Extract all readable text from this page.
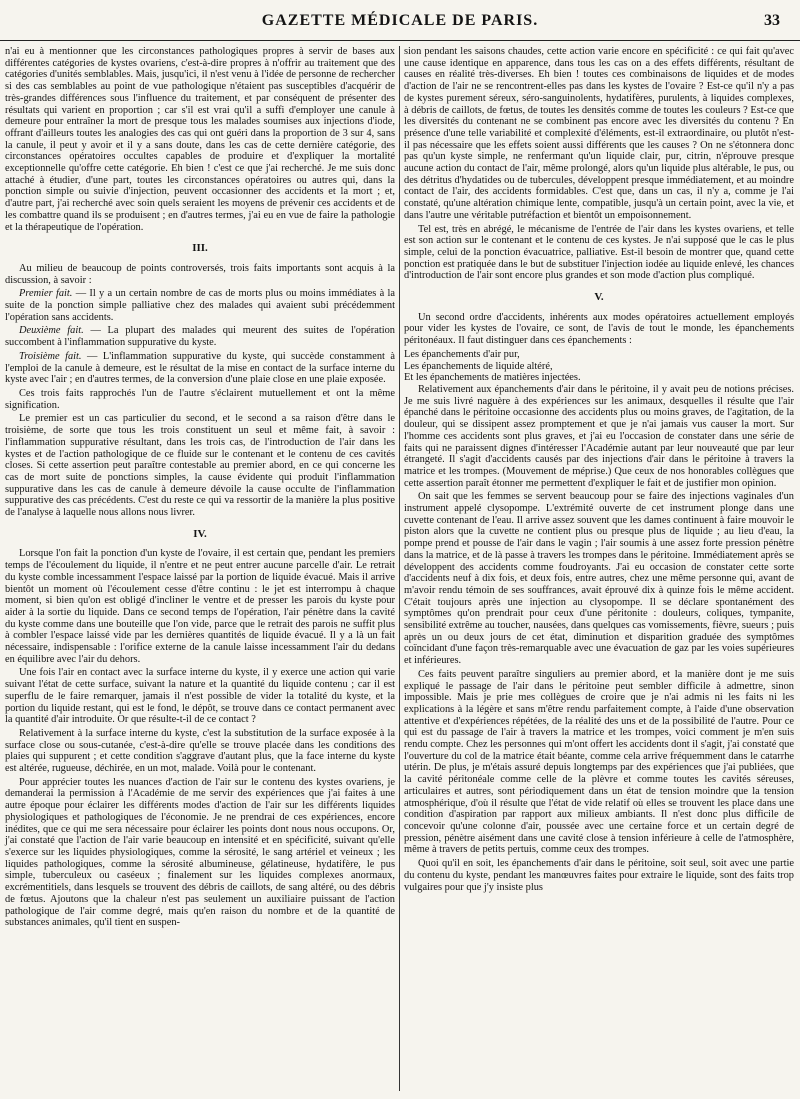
GAZETTE MÉDICALE DE PARIS.	33

n'ai eu à mentionner que les circonstances pathologiques propres à servir de bases aux différentes catégories de kystes ovariens, c'est-à-dire propres à n'offrir au traitement que des catégories d'unités semblables. Mais, jusqu'ici, il n'est venu à l'idée de personne de rechercher si des cas semblables au point de vue pathologique n'étaient pas susceptibles d'acquérir de très-grandes différences sous l'influence du traitement, et par conséquent de présenter des résultats qui varient en proportion ; car s'il est vrai qu'il a suffi d'employer une canule à demeure pour entraîner la mort de presque tous les malades soumises aux injections d'iode, offrant d'ailleurs toutes les analogies des cas qui ont guéri dans la proportion de 3 sur 4, sans la canule, il peut y avoir et il y a sans doute, dans les cas de cette dernière catégorie, des circonstances opératoires occultes capables de produire et d'expliquer la mortalité exceptionnelle qu'offre cette catégorie. Eh bien ! c'est ce que j'ai recherché. Je me suis donc attaché à étudier, d'une part, toutes les circonstances opératoires ou autres qui, dans la ponction simple ou suivie d'injection, peuvent occasionner des accidents et la mort ; et, d'autre part, j'ai recherché avec soin quels seraient les moyens de prévenir ces accidents et de les combattre quand ils se produisent ; en d'autres termes, j'ai eu en vue de faire la pathologie et la thérapeutique de l'opération.

III.

Au milieu de beaucoup de points controversés, trois faits importants sont acquis à la discussion, à savoir :

Premier fait. — Il y a un certain nombre de cas de morts plus ou moins immédiates à la suite de la ponction simple palliative chez des malades qui avaient subi précédemment l'opération sans accidents.

Deuxième fait. — La plupart des malades qui meurent des suites de l'opération succombent à l'inflammation suppurative du kyste.

Troisième fait. — L'inflammation suppurative du kyste, qui succède constamment à l'emploi de la canule à demeure, est le résultat de la mise en contact de la surface interne du kyste avec l'air ; en d'autres termes, de la conversion d'une plaie close en une plaie exposée.

Ces trois faits rapprochés l'un de l'autre s'éclairent mutuellement et ont la même signification.

Le premier est un cas particulier du second, et le second a sa raison d'être dans le troisième, de sorte que tous les trois constituent un seul et même fait, à savoir : l'inflammation suppurative résultant, dans les trois cas, de l'introduction de l'air dans les kystes et de l'action pathologique de ce fluide sur le contenant et le contenu de ces cavités closes. Si cette assertion peut paraître contestable au premier abord, en ce qui concerne les cas de mort suite de ponctions simples, la cause évidente qui produit l'inflammation suppurative dans les cas de canule à demeure dévoile la cause occulte de l'inflammation suppurative des cas précédents. C'est du reste ce qui va ressortir de la manière la plus positive de l'analyse à laquelle nous allons nous livrer.

IV.

Lorsque l'on fait la ponction d'un kyste de l'ovaire, il est certain que, pendant les premiers temps de l'écoulement du liquide, il n'entre et ne peut entrer aucune parcelle d'air. Le retrait du kyste comble incessamment l'espace laissé par la portion de liquide évacué. Mais il arrive bientôt un moment où l'écoulement cesse d'être continu : le jet est interrompu à chaque moment, si bien qu'on est obligé d'incliner le ventre et de presser les parois du kyste pour aider à la sortie du liquide. Dans ce second temps de l'opération, l'air pénètre dans la cavité du kyste comme dans une bouteille que l'on vide, parce que le retrait des parois ne suffit plus à combler l'espace laissé vide par les dernières quantités de liquide évacué. Il y a là un fait nécessaire, indispensable : l'orifice externe de la canule laisse incessamment l'air du dedans en équilibre avec l'air du dehors.

Une fois l'air en contact avec la surface interne du kyste, il y exerce une action qui varie suivant l'état de cette surface, suivant la nature et la quantité du liquide contenu ; car il est superflu de le faire remarquer, jamais il n'est possible de vider la totalité du kyste, et la portion du liquide restant, qui est le fond, le dépôt, se trouve dans ce contact permanent avec la quantité d'air introduite. Or que résulte-t-il de ce contact ?

Relativement à la surface interne du kyste, c'est la substitution de la surface exposée à la surface close ou sous-cutanée, c'est-à-dire qu'elle se trouve placée dans les conditions des plaies qui suppurent ; et cette condition s'aggrave d'autant plus, que la face interne du kyste est altérée, rugueuse, déchirée, en un mot, malade. Voilà pour le contenant.

Pour apprécier toutes les nuances d'action de l'air sur le contenu des kystes ovariens, je demanderai la permission à l'Académie de me servir des expériences que j'ai faites à une autre époque pour éclairer les différents modes d'action de l'air sur les différents liquides physiologiques et pathologiques de l'économie. Je ne prendrai de ces expériences, encore inédites, que ce qui me sera nécessaire pour éclairer les points dont nous nous occupons. Or, j'ai constaté que l'action de l'air varie beaucoup en intensité et en spécificité, suivant qu'elle s'exerce sur les liquides physiologiques, comme la sérosité, le sang artériel et veineux ; les liquides pathologiques, comme la sérosité albumineuse, gélatineuse, hydatifère, le pus simple, tuberculeux ou caséeux ; finalement sur les liquides complexes anormaux, excrémentitiels, dans lesquels se trouvent des débris de caillots, de sang altéré, ou des débris de fœtus. Ajoutons que la chaleur n'est pas seulement un auxiliaire puissant de l'action pathologique de l'air comme degré, mais qu'en raison du nombre et de la quantité de substances animales, qu'il tient en suspen-

sion pendant les saisons chaudes, cette action varie encore en spécificité : ce qui fait qu'avec une cause identique en apparence, dans tous les cas on a des effets différents, résultant de causes en réalité très-diverses. Eh bien ! toutes ces combinaisons de liquides et de modes d'action de l'air ne se rencontrent-elles pas dans les kystes de l'ovaire ? Est-ce qu'il n'y a pas de kystes purement séreux, séro-sanguinolents, hydatifères, purulents, à liquides complexes, à débris de caillots, de fœtus, de toutes les densités comme de toutes les couleurs ? Est-ce que les diversités du contenant ne se combinent pas encore avec les diversités du contenu ? En présence d'une telle variabilité et complexité d'éléments, est-il extraordinaire, ou plutôt n'est-il pas nécessaire que les effets soient aussi différents que les causes ? On ne s'étonnera donc pas qu'un kyste simple, ne renfermant qu'un liquide clair, pur, citrin, n'éprouve presque aucune action du contact de l'air, même prolongé, alors qu'un liquide plus altérable, le pus, ou des détritus d'hydatides ou de tubercules, développent presque immédiatement, et au moindre contact de l'air, des accidents formidables. C'est que, dans un cas, il n'y a, comme je l'ai constaté, qu'une altération chimique lente, compatible, jusqu'à un certain point, avec la vie, et dans l'autre une véritable putréfaction et bientôt un empoisonnement.

Tel est, très en abrégé, le mécanisme de l'entrée de l'air dans les kystes ovariens, et telle est son action sur le contenant et le contenu de ces kystes. Je n'ai supposé que le cas le plus simple, celui de la ponction évacuatrice, palliative. Est-il besoin de montrer que, quand cette ponction est pratiquée dans le but de substituer l'injection iodée au liquide enlevé, les chances d'introduction de l'air sont encore plus grandes et son mode d'action plus compliqué.

V.

Un second ordre d'accidents, inhérents aux modes opératoires actuellement employés pour vider les kystes de l'ovaire, ce sont, de l'avis de tout le monde, les épanchements péritonéaux. Il faut distinguer dans ces épanchements :

Les épanchements d'air pur,

Les épanchements de liquide altéré,

Et les épanchements de matières injectées.

Relativement aux épanchements d'air dans le péritoine, il y avait peu de notions précises. Je me suis livré naguère à des expériences sur les animaux, desquelles il résulte que l'air épanché dans le péritoine occasionne des accidents plus ou moins graves, de l'agitation, de la douleur, qui se dissipent assez promptement et que je n'ai jamais vus causer la mort. Sur l'homme ces accidents sont plus graves, et j'ai eu l'occasion de constater dans une série de faits qui ne paraissent dignes d'intéresser l'Académie autant par leur nouveauté que par leur étrangeté. Il s'agit d'accidents causés par des injections d'air dans le péritoine à travers la matrice et les trompes. (Mouvement de méprise.) Que ceux de nos honorables collègues que cette assertion paraît étonner me permettent d'expliquer le fait et de justifier mon opinion.

On sait que les femmes se servent beaucoup pour se faire des injections vaginales d'un instrument appelé clysopompe. L'extrémité ouverte de cet instrument plonge dans une cuvette contenant de l'eau. Il arrive assez souvent que les dames continuent à faire mouvoir le piston alors que la cuvette ne contient plus ou presque plus de liquide ; au lieu d'eau, la pompe prend et pousse de l'air dans le vagin ; l'air soumis à une assez forte pression pénètre dans la matrice, et de là passe à travers les trompes dans le péritoine. Immédiatement après se développent des accidents comme foudroyants. J'ai eu occasion de constater cette sorte d'accidents neuf à dix fois, et deux fois, entre autres, chez une même personne qui, avant de m'avoir rendu témoin de ses souffrances, avait éprouvé dix à quinze fois le même accident. C'était toujours après une injection au clysopompe. Il se déclare spontanément des symptômes qu'on prendrait pour ceux d'une péritonite : douleurs, coliques, tympanite, sensibilité extrême au toucher, nausées, dans quelques cas vomissements, fièvre, sueurs ; puis après un ou deux jours de cet état, diminution et disparition graduée des symptômes coïncidant d'une façon très-remarquable avec une évacuation de gaz par les voies supérieures et inférieures.

Ces faits peuvent paraître singuliers au premier abord, et la manière dont je me suis expliqué le passage de l'air dans le péritoine peut sembler difficile à admettre, sinon impossible. Mais je prie mes collègues de croire que je n'ai admis ni les faits ni les explications à la légère et sans m'être rendu parfaitement compte, à l'aide d'une observation attentive et d'expériences répétées, de la réalité des uns et de la possibilité de l'autre. Pour ce qui est du passage de l'air à travers la matrice et les trompes, voici comment je m'en suis rendu compte. Chez les personnes qui m'ont offert les accidents dont il s'agit, j'ai constaté que l'ouverture du col de la matrice était béante, comme cela arrive fréquemment dans le catarrhe utérin. De plus, je m'étais assuré depuis longtemps par des expériences que j'ai publiées, que la cavité péritonéale comme celle de la plèvre et comme toutes les cavités séreuses, articulaires et autres, sont périodiquement dans un état de tension moindre que la tension atmosphérique, d'où il résulte que l'état de vide relatif où elles se trouvent les place dans une condition d'aspiration par rapport aux milieux ambiants. Il n'est donc plus difficile de concevoir qu'une colonne d'air, poussée avec une certaine force et un certain degré de pression, pénètre aisément dans une cavité close à tension inférieure à celle de l'atmosphère, même à travers de petits pertuis, comme ceux des trompes.

Quoi qu'il en soit, les épanchements d'air dans le péritoine, soit seul, soit avec une partie du contenu du kyste, pendant les manœuvres faites pour extraire le liquide, sont des faits trop vulgaires pour que j'y insiste plus
